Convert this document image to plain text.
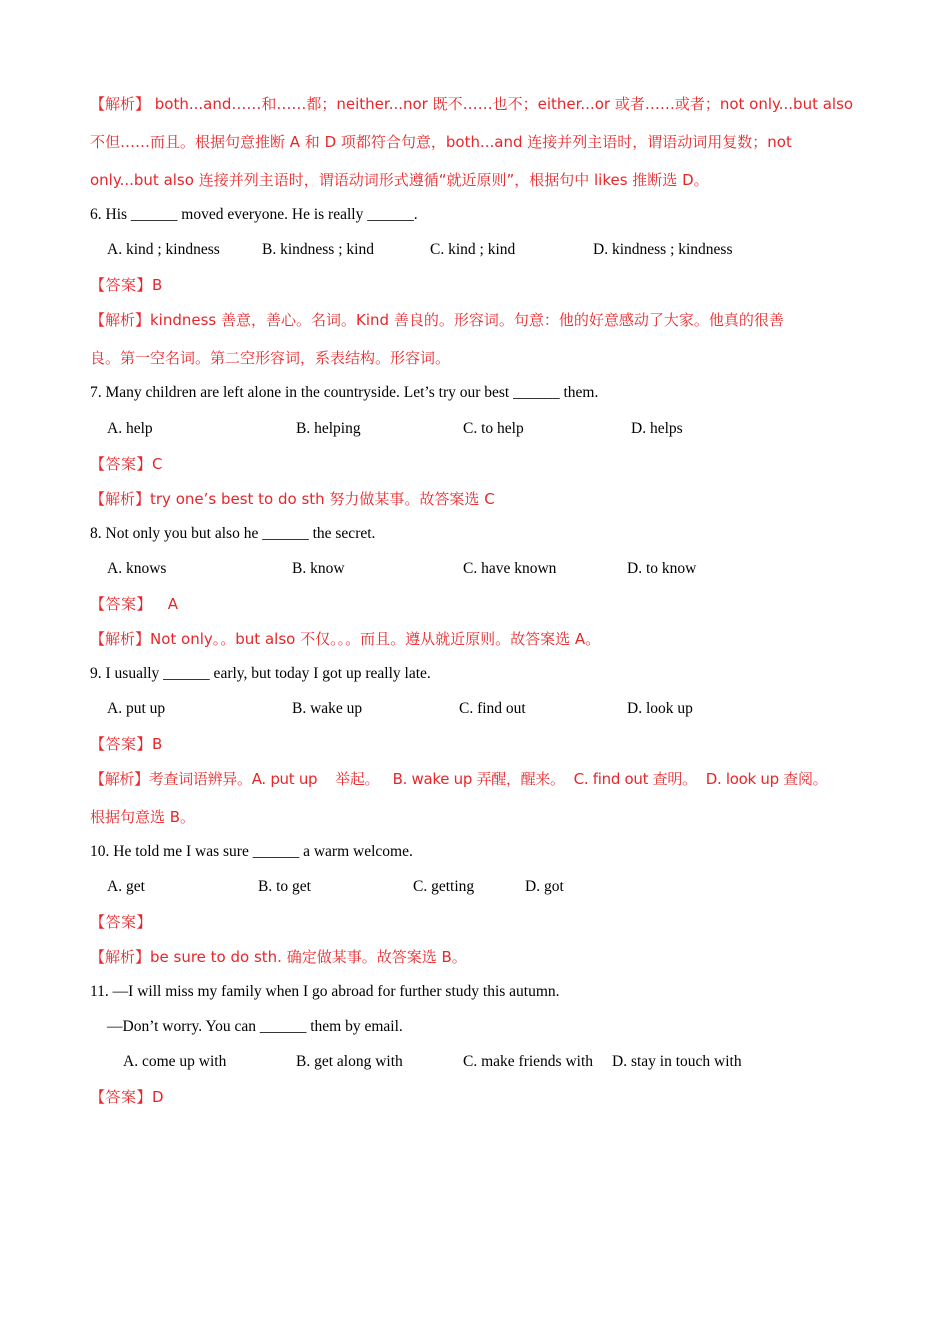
【解析】 both...and……和……都；neither...nor 既不……也不；either...or 或者……或者；not only...but also
不但……而且。根据句意推断 A 和 D 项都符合句意，both...and 连接并列主语时，谓语动词用复数；not
only...but also 连接并列主语时，谓语动词形式遵循“就近原则”，根据句中 likes 推断选 D。
6. His ______ moved everyone. He is really ______.
A. kind ; kindness	B. kindness ; kind	C. kind ; kind	D. kindness ; kindness
【答案】B
【解析】kindness 善意，善心。名词。Kind 善良的。形容词。句意：他的好意感动了大家。他真的很善
良。第一空名词。第二空形容词，系表结构。形容词。
7. Many children are left alone in the countryside. Let’s try our best ______ them.
A. help	B. helping	C. to help	D. helps
【答案】C
【解析】try one’s best to do sth 努力做某事。故答案选 C
8. Not only you but also he ______ the secret.
A. knows	B. know	C. have known	D. to know
【答案】   A
【解析】Not only。。but also 不仅。。。而且。遵从就近原则。故答案选 A。
9. I usually ______ early, but today I got up really late.
A. put up	B. wake up	C. find out	D. look up
【答案】B
【解析】考查词语辨异。A. put up    举起。   B. wake up 弄醒，醒来。  C. find out 查明。  D. look up 查阅。
根据句意选 B。
10. He told me I was sure ______ a warm welcome.
A. get	B. to get	C. getting	D. got
【答案】
【解析】be sure to do sth. 确定做某事。故答案选 B。
11. —I will miss my family when I go abroad for further study this autumn.
—Don’t worry. You can ______ them by email.
A. come up with	B. get along with	C. make friends with D. stay in touch with
【答案】D
